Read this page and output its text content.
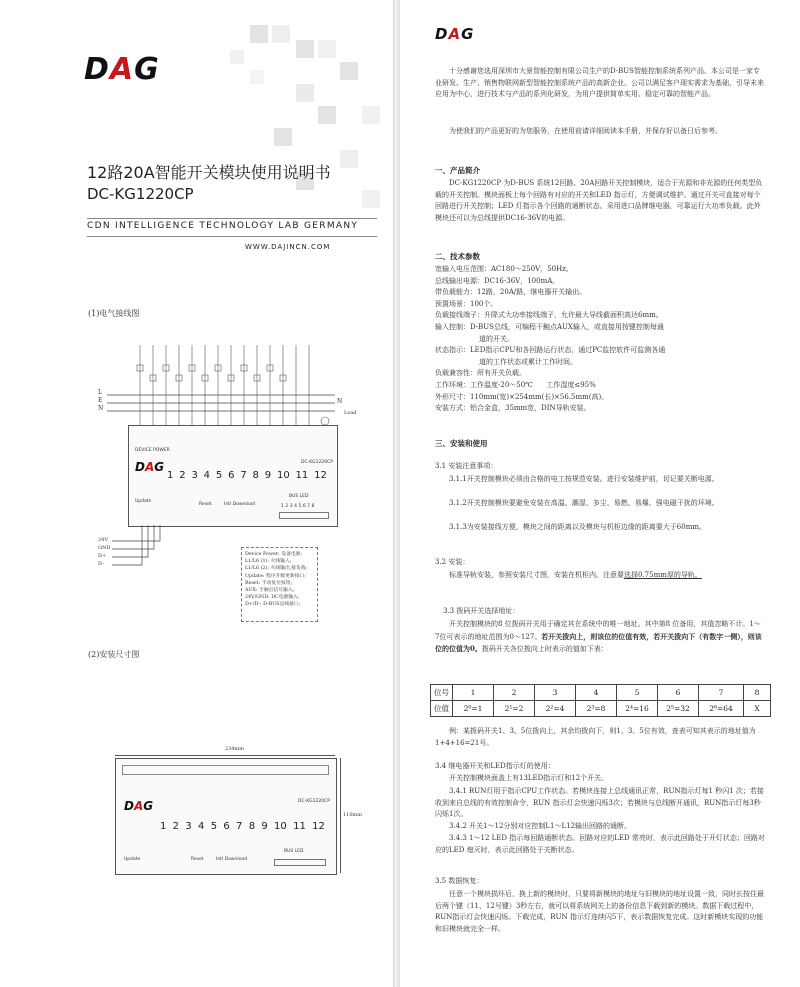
DAG
12路20A智能开关模块使用说明书
DC-KG1220CP
CDN INTELLIGENCE TECHNOLOGY LAB GERMANY
WWW.DAJINCN.COM
(1)电气接线图
L
E
N
N
Load
DEVICE POWER
DAG	DC-KG1220CP
1 2 3 4 5 6 7 8 9 10 11 12
Update
Reset	Intl Download
BUS LED
12345678
24V
GND
D+
D-
Device Power: 设备电源;
L1/L6 (1): 火线输入;
L1/L6 (2): 火线输出,接负载;
Update: 程序升级更新接口;
Reset: 手动复位按钮;
AUX: 手触点信号输入;
24V/GND: DC电源输入;
D+/D-: D-BUS总线接口;
(2)安装尺寸图
234mm
DAG	DC-KG1220CP
1 2 3 4 5 6 7 8 9 10 11 12
Update	Reset	Intl Download
BUS LED
110mm
DAG
十分感谢您选用深圳市大景智能控制有限公司生产的D-BUS智能控制系统系列产品。本公司是一家专业研发、生产、销售物联网新型智能控制系统产品的高新企业。公司以满足客户现实需求为基础，引导未来应用为中心，进行技术与产品的系列化研发，为用户提供简单实用、稳定可靠的智能产品。
为使我们的产品更好的为您服务，在使用前请详细阅读本手册，并保存好以备日后参考。
一、产品简介
DC-KG1220CP 为D-BUS 系统12回路、20A回路开关控制模块，适合于光源和非光源的任何类型负载的开关控制。模块面板上每个回路有对应的开关和LED 指示灯，方便调试维护。通过开关可直接对每个回路进行开关控制；LED 灯指示各个回路的通断状态。采用进口品牌继电器，可靠运行大功率负载。此外模块还可以为总线提供DC16-36V的电源。
二、技术参数
宽输入电压范围：AC180～250V，50Hz。
总线输出电源：DC16-36V，100mA。
带负载能力：12路，20A/路，继电器开关输出。
预置场景：100个。
负载接线端子：升降式大功率接线端子，允许最大导线截面积高达6mm。
输入控制：D-BUS总线，可编程干触点AUX输入，或直接用按键控制每通
道的开关。
状态指示：LED指示CPU和各回路运行状态，通过PC监控软件可监测各通
道的工作状态或累计工作时间。
负载兼容性：所有开关负载。
工作环境：工作温度-20～50℃      工作湿度≤95%
外形尺寸：110mm(宽)×254mm(长)×56.5mm(高)。
安装方式：铝合金盒，35mm宽，DIN导轨安装。
三、安装和使用
3.1 安装注意事项：
3.1.1开关控制模块必须由合格的电工按规范安装。进行安装维护前，切记要关断电源。
3.1.2开关控制模块要避免安装在高温、潮湿、多尘、易燃、易爆、强电磁干扰的环境。
3.1.3为安装接线方便，模块之间的距离以及模块与机柜边缘的距离要大于60mm。
3.2 安装：
标准导轨安装，参照安装尺寸图，安装在机柜内。注意要选择0.75mm厚的导轨。
3.3 拨码开关选择地址：
开关控制模块的8 位拨码开关用于确定其在系统中的唯一地址。其中第8 位备用，其值忽略不计。1～7位可表示的地址范围为0～127。若开关拨向上，则该位的位值有效，若开关拨向下（有数字一侧），则该位的位值为0。拨码开关各位拨向上时表示的值如下表：
位号	1	2	3	4	5	6	7	8
位值	2⁰=1	2¹=2	2²=4	2³=8	2⁴=16	2⁵=32	2⁶=64	X
例：某拨码开关1、3、5位拨向上，其余均拨向下，则1、3、5位有效，查表可知其表示的地址值为1+4+16=21号。
3.4 继电器开关和LED指示灯的使用：
开关控制模块面盖上有13LED指示灯和12个开关。
3.4.1 RUN灯用于指示CPU工作状态。若模块连接上总线通讯正常，RUN指示灯每1 秒闪1 次；若接收到来自总线的有效控制命令，RUN 指示灯会快速闪烁3次；若模块与总线断开通讯，RUN指示灯每3秒闪烁1次。
3.4.2 开关1～12分别对应控制L1～L12输出回路的通断。
3.4.3 1～12 LED 指示每回路通断状态。回路对应的LED 常亮时，表示此回路处于开灯状态；回路对应的LED 熄灭时，表示此回路处于关断状态。
3.5 数据恢复：
任意一个模块损坏后，换上新的模块时，只要将新模块的地址与旧模块的地址设置一致，同时长按住最后两个键（11、12号键）3秒左右，就可以将系统网关上的备份信息下载到新的模块。数据下载过程中，RUN指示灯会快速闪烁。下载完成，RUN 指示灯连续闪5下，表示数据恢复完成。这时新模块实现的功能和旧模块就完全一样。
